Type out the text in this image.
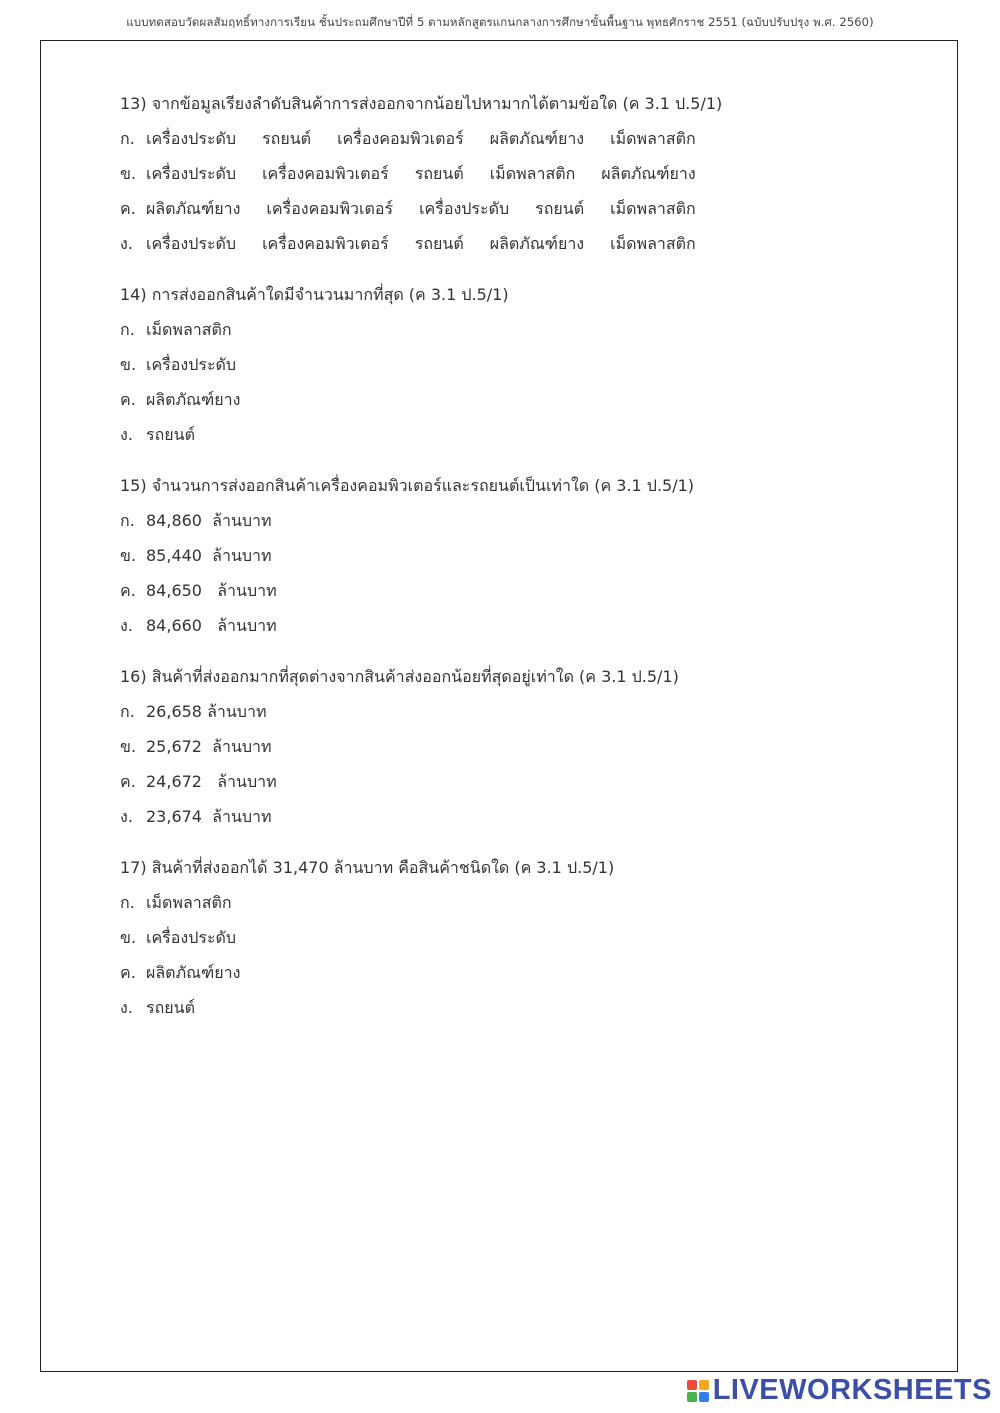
แบบทดสอบวัดผลสัมฤทธิ์ทางการเรียน ชั้นประถมศึกษาปีที่ 5 ตามหลักสูตรแกนกลางการศึกษาขั้นพื้นฐาน พุทธศักราช 2551 (ฉบับปรับปรุง พ.ศ. 2560)
13) จากข้อมูลเรียงลำดับสินค้าการส่งออกจากน้อยไปหามากได้ตามข้อใด (ค 3.1 ป.5/1)
ก. เครื่องประดับ รถยนต์ เครื่องคอมพิวเตอร์ ผลิตภัณฑ์ยาง เม็ดพลาสติก
ข. เครื่องประดับ เครื่องคอมพิวเตอร์ รถยนต์ เม็ดพลาสติก ผลิตภัณฑ์ยาง
ค. ผลิตภัณฑ์ยาง เครื่องคอมพิวเตอร์ เครื่องประดับ รถยนต์ เม็ดพลาสติก
ง. เครื่องประดับ เครื่องคอมพิวเตอร์ รถยนต์ ผลิตภัณฑ์ยาง เม็ดพลาสติก
14) การส่งออกสินค้าใดมีจำนวนมากที่สุด (ค 3.1 ป.5/1)
ก. เม็ดพลาสติก
ข. เครื่องประดับ
ค. ผลิตภัณฑ์ยาง
ง. รถยนต์
15) จำนวนการส่งออกสินค้าเครื่องคอมพิวเตอร์และรถยนต์เป็นเท่าใด (ค 3.1 ป.5/1)
ก. 84,860  ล้านบาท
ข. 85,440  ล้านบาท
ค. 84,650   ล้านบาท
ง. 84,660   ล้านบาท
16) สินค้าที่ส่งออกมากที่สุดต่างจากสินค้าส่งออกน้อยที่สุดอยู่เท่าใด (ค 3.1 ป.5/1)
ก. 26,658 ล้านบาท
ข. 25,672  ล้านบาท
ค. 24,672   ล้านบาท
ง. 23,674  ล้านบาท
17) สินค้าที่ส่งออกได้ 31,470 ล้านบาท คือสินค้าชนิดใด (ค 3.1 ป.5/1)
ก. เม็ดพลาสติก
ข. เครื่องประดับ
ค. ผลิตภัณฑ์ยาง
ง. รถยนต์
LIVEWORKSHEETS
